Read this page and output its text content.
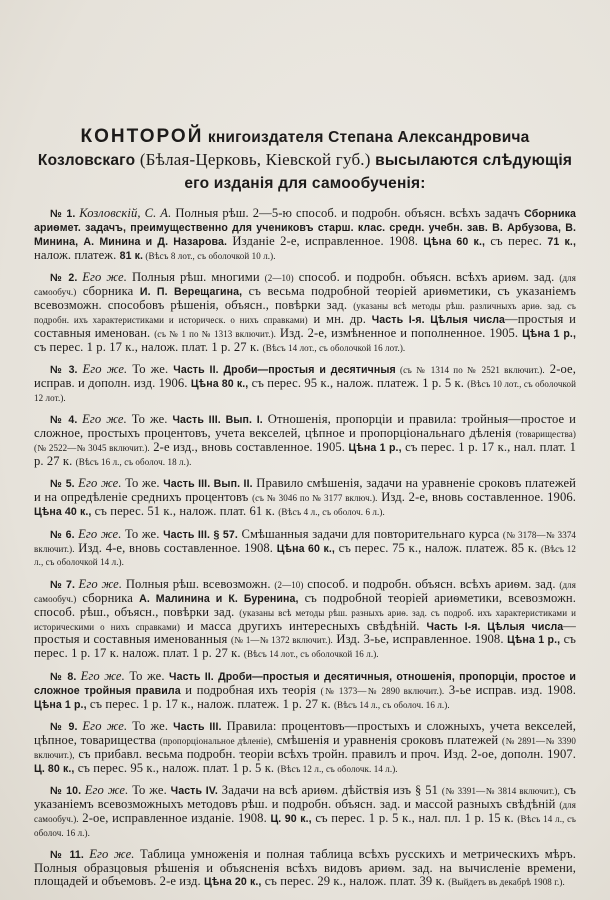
КОНТОРОЙ книгоиздателя Степана Александровича Козловскаго (Бѣлая-Церковь, Кіевской губ.) высылаются слѣдующія его изданія для самообученія:

№ 1. Козловскій, С. А. Полныя рѣш. 2—5-ю способ. и подробн. объясн. всѣхъ задачъ Сборника ариѳмет. задачъ, преимущественно для учениковъ старш. клас. средн. учебн. зав. В. Арбузова, В. Минина, А. Минина и Д. Назарова. Изданіе 2-е, исправленное. 1908. Цѣна 60 к., съ перес. 71 к., налож. платеж. 81 к. (Вѣсъ 8 лот., съ оболочкой 10 л.).

№ 2. Его же. Полныя рѣш. многими (2—10) способ. и подробн. объясн. всѣхъ ариѳм. зад. (для самообуч.) сборника И. П. Верещагина, съ весьма подробной теоріей ариѳметики, съ указаніемъ всевозможн. способовъ рѣшенія, объясн., повѣрки зад. (указаны всѣ методы рѣш. различныхъ ариѳ. зад. съ подробн. ихъ характеристиками и историческ. о нихъ справками) и мн. др. Часть I-я. Цѣлыя числа—простыя и составныя именован. (съ № 1 по № 1313 включит.). Изд. 2-е, измѣненное и пополненное. 1905. Цѣна 1 р., съ перес. 1 р. 17 к., налож. плат. 1 р. 27 к. (Вѣсъ 14 лот., съ оболочкой 16 лот.).

№ 3. Его же. То же. Часть II. Дроби—простыя и десятичныя (съ № 1314 по № 2521 включит.). 2-ое, исправ. и дополн. изд. 1906. Цѣна 80 к., съ перес. 95 к., налож. платеж. 1 р. 5 к. (Вѣсъ 10 лот., съ оболочкой 12 лот.).

№ 4. Его же. То же. Часть III. Вып. I. Отношенія, пропорціи и правила: тройныя—простое и сложное, простыхъ процентовъ, учета векселей, цѣпное и пропорціональнаго дѣленія (товарищества) (№ 2522—№ 3045 включит.). 2-е изд., вновь составленное. 1905. Цѣна 1 р., съ перес. 1 р. 17 к., нал. плат. 1 р. 27 к. (Вѣсъ 16 л., съ оболоч. 18 л.).

№ 5. Его же. То же. Часть III. Вып. II. Правило смѣшенія, задачи на уравненіе сроковъ платежей и на опредѣленіе среднихъ процентовъ (съ № 3046 по № 3177 включ.). Изд. 2-е, вновь составленное. 1906. Цѣна 40 к., съ перес. 51 к., налож. плат. 61 к. (Вѣсъ 4 л., съ оболоч. 6 л.).

№ 6. Его же. То же. Часть III. § 57. Смѣшанныя задачи для повторительнаго курса (№ 3178—№ 3374 включит.). Изд. 4-е, вновь составленное. 1908. Цѣна 60 к., съ перес. 75 к., налож. платеж. 85 к. (Вѣсъ 12 л., съ оболочкой 14 л.).

№ 7. Его же. Полныя рѣш. всевозможн. (2—10) способ. и подробн. объясн. всѣхъ ариѳм. зад. (для самообуч.) сборника А. Малинина и К. Буренина, съ подробной теоріей ариѳметики, всевозможн. способ. рѣш., объясн., повѣрки зад. (указаны всѣ методы рѣш. разныхъ ариѳ. зад. съ подроб. ихъ характеристиками и историческими о нихъ справками) и масса другихъ интересныхъ свѣдѣній. Часть I-я. Цѣлыя числа—простыя и составныя именованныя (№ 1—№ 1372 включит.). Изд. 3-ье, исправленное. 1908. Цѣна 1 р., съ перес. 1 р. 17 к. налож. плат. 1 р. 27 к. (Вѣсъ 14 лот., съ оболочкой 16 л.).

№ 8. Его же. То же. Часть II. Дроби—простыя и десятичныя, отношенія, пропорціи, простое и сложное тройныя правила и подробная ихъ теорія (№ 1373—№ 2890 включит.). 3-ье исправ. изд. 1908. Цѣна 1 р., съ перес. 1 р. 17 к., налож. платеж. 1 р. 27 к. (Вѣсъ 14 л., съ оболоч. 16 л.).

№ 9. Его же. То же. Часть III. Правила: процентовъ—простыхъ и сложныхъ, учета векселей, цѣпное, товарищества (пропорціональное дѣленіе), смѣшенія и уравненія сроковъ платежей (№ 2891—№ 3390 включит.), съ прибавл. весьма подробн. теоріи всѣхъ тройн. правилъ и проч. Изд. 2-ое, дополн. 1907. Ц. 80 к., съ перес. 95 к., налож. плат. 1 р. 5 к. (Вѣсъ 12 л., съ оболочк. 14 л.).

№ 10. Его же. То же. Часть IV. Задачи на всѣ ариѳм. дѣйствія изъ § 51 (№ 3391—№ 3814 включит.), съ указаніемъ всевозможныхъ методовъ рѣш. и подробн. объясн. зад. и массой разныхъ свѣдѣній (для самообуч.). 2-ое, исправленное изданіе. 1908. Ц. 90 к., съ перес. 1 р. 5 к., нал. пл. 1 р. 15 к. (Вѣсъ 14 л., съ оболоч. 16 л.).

№ 11. Его же. Таблица умноженія и полная таблица всѣхъ русскихъ и метрическихъ мѣръ. Полныя образцовыя рѣшенія и объясненія всѣхъ видовъ ариѳм. зад. на вычисленіе времени, площадей и объемовъ. 2-е изд. Цѣна 20 к., съ перес. 29 к., налож. плат. 39 к. (Выйдетъ въ декабрѣ 1908 г.).
